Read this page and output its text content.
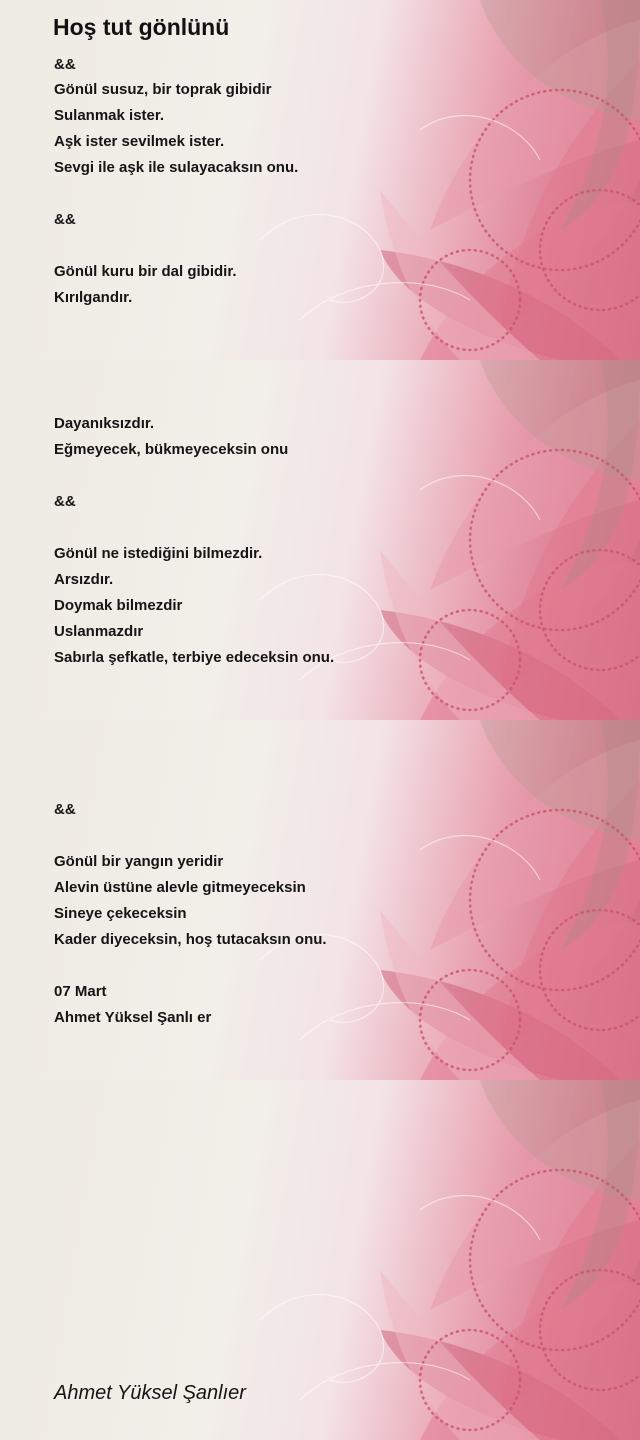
Hoş tut gönlünü
&&
Gönül susuz, bir toprak gibidir
Sulanmak ister.
Aşk ister sevilmek ister.
Sevgi ile aşk ile sulayacaksın onu.
&&
Gönül kuru bir dal gibidir.
Kırılgandır.
Dayanıksızdır.
Eğmeyecek, bükmeyeceksin onu
&&
Gönül ne istediğini bilmezdir.
Arsızdır.
Doymak bilmezdir
Uslanmazdır
Sabırla şefkatle, terbiye edeceksin onu.
&&
Gönül bir yangın yeridir
Alevin üstüne alevle gitmeyeceksin
Sineye çekeceksin
Kader diyeceksin, hoş tutacaksın onu.
07 Mart
Ahmet Yüksel Şanlı er
Ahmet Yüksel Şanlıer
